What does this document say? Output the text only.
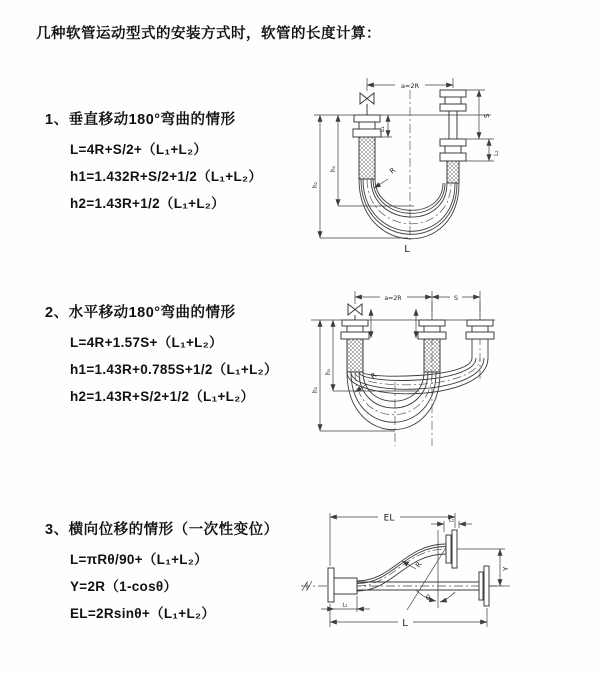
几种软管运动型式的安装方式时，软管的长度计算：
1、垂直移动180°弯曲的情形
L=4R+S/2+（L₁+L₂）
h1=1.432R+S/2+1/2（L₁+L₂）
h2=1.43R+1/2（L₁+L₂）
2、水平移动180°弯曲的情形
L=4R+1.57S+（L₁+L₂）
h1=1.43R+0.785S+1/2（L₁+L₂）
h2=1.43R+S/2+1/2（L₁+L₂）
3、横向位移的情形（一次性变位）
L=πRθ/90+（L₁+L₂）
Y=2R（1-cosθ）
EL=2Rsinθ+（L₁+L₂）
a=2R
L₁
S
L₂
h₁
h₂
R
L
a=2R	S
h₁
h₂
R
EL	L₂
Y
R
θ
L₁
L
